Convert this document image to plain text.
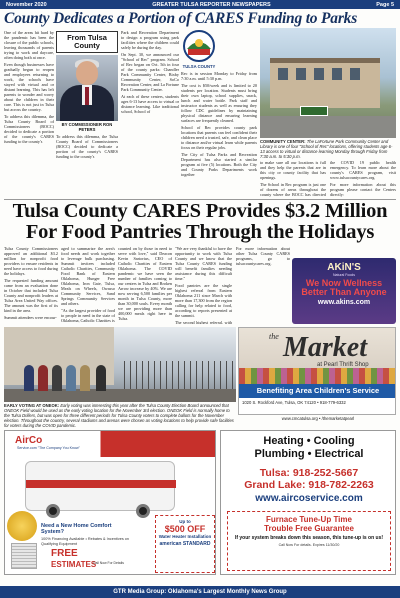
November 2020	GREATER TULSA REPORTER NEWSPAPERS	Page 5
County Dedicates a Portion of CARES Funding to Parks

One of the areas hit hard by the pandemic has been the closure of the public schools, leaving thousands of parents trying to work and daycare, often doing both at once.

Even though businesses have gradually begun to reopen and employees returning to work, the schools have stayed with virtual and or distant learning. This has left parents to wonder and worry about the children in their care. This is not just in Tulsa but across the country.

To address this dilemma, the Tulsa County Board of Commissioners (BOCC) decided to dedicate a portion of the county's CARES funding to the county's

From Tulsa County
BY COMMISSIONER RON PETERS

To address this dilemma, the Tulsa County Board of Commissioners (BOCC) decided to dedicate a portion of the county's CARES funding to the county's

Park and Recreation Department to design a program using park facilities where the children could safely be during the day.

On Sept. 30, we announced our "School of Rec" program. School of Rec began on Oct. 5th in four of the county parks: Chandler Park Community Center, Bixby Community Center, SoCo Recreation Center, and La Fortune Park Community Center.

At each of these centers, students ages 6-13 have access to virtual or distance learning. Like traditional school, School of

TULSA COUNTY

Rec is in session Monday to Friday from 7:30 a.m. until 5:30 p.m.

The cost is $50/week and is limited to 20 students per location. Students must bring their own laptop, school supplies, snack, lunch and water bottle. Park staff and instructor students as well as ensuring they follow CDC guidelines by maintaining physical distance and ensuring learning surfaces are frequently cleaned.

School of Rec provides county park locations that parents can feel confident their children need a trusted, safe, and clean place to distance and/or virtual learn while parents focus on their regular jobs.

The City of Tulsa Parks and Recreation Department has also started a similar program at five (5) locations. Both the City and County Parks Departments work together

COMMUNITY CENTER: The LaFortune Park Community Center and Library is one of four "School of Rec" locations, offering students age 6-13 access to virtual or distance learning Monday through Friday from 7:30 a.m. to 5:30 p.m.

to make sure all our locations is full and they help the parents that are in this city or county facility that has openings.

The School in Rec program is just one of dozens of areas throughout the county where the BOCC has directed

the COVID 19 public health emergency. To learn more about the county's CARES program, visit www.tulsacountycares.org.

For more information about this program please contact the Centers directly:

Tulsa County CARES Provides $3.2 Million For Food Pantries Through the Holidays

Tulsa County Commissioners approved an additional $3.2 million for nonprofit food providers to ensure residents in need have access to food during the holidays.

The requested funding amount came from an evaluation done in October that included Tulsa County and nonprofit leaders at Tulsa Area United Way offices. The amount was the first of its kind in the area.

Summit attendees were encour-

aged to summarize the area's food needs and work together to leverage bulk purchasing. Summit invitees included Catholic Charities, Community Food Bank of Eastern Oklahoma, Hunger Free Oklahoma, Iron Gate, Tulsa, Meals on Wheels, Owasso Community Services, Sand Springs Community Services and others.

"As the largest provider of food to people in need in the state of Oklahoma, Catholic Charities is

counted on by those in need to serve with love," said Deacon Kevin Sartorius, CEO of Catholic Charities of Eastern Oklahoma. The COVID pandemic we have seen the number of families coming to our centers in Tulsa and Broken Arrow increase by 40%. We are now serving 6,500 families per month in Tulsa County, more than 30,000 souls. Every month we are providing more than 400,000 meals right here in Tulsa.

"We are very thankful to have the opportunity to work with Tulsa County and we know that the Tulsa County CARES funding will benefit families needing assistance during this difficult time."

Food pantries are the single highest referral from Eastern Oklahoma 211 since March with more than 17,300 from the region calling for help related to food, according to reports presented at the summit.

The second highest referral, with

For more information about other Tulsa County CARES programs, go to tulsacountycares.org.	AKiN'S
Natural Foods
We Now Wellness
Better Than Anyone
www.akins.com
EARLY VOTING AT ONEOK: Early voting was interesting this year after the Tulsa County Election Board announced that ONEOK Field would be used as the early voting location for the November 3rd election. ONEOK Field is normally home to the Tulsa Drillers, but was open for three different periods for Tulsa County voters to complete ballots for the November election. Throughout the country, several stadiums and arenas were chosen as voting locations to help provide safe facilities for voters during the COVID pandemic.
the Market
at Pearl Thrift Shop
Benefiting Area Children's Service
1020 S. Rockford Ave, Tulsa, OK 74120 • 918-779-6332
www.cmcatulsa.org • /themarketatpearl
AirCo
Service.com "The Company You Know"
Need a New Home Comfort System?
100% Financing Available • Rebates & Incentives on Qualifying Equipment
FREE
ESTIMATES
Call Now For Details
Up to
$500 OFF
Water Heater Installation
american STANDARD
Heating • Cooling
Plumbing • Electrical
Tulsa: 918-252-5667
Grand Lake: 918-782-2263
www.aircoservice.com
Furnace Tune-Up Time
Trouble Free Guarantee
If your system breaks down this season, this tune-up is on us!
Call Now For details. Expires 11/30/20
GTR Media Group: Oklahoma's Largest Monthly News Group
